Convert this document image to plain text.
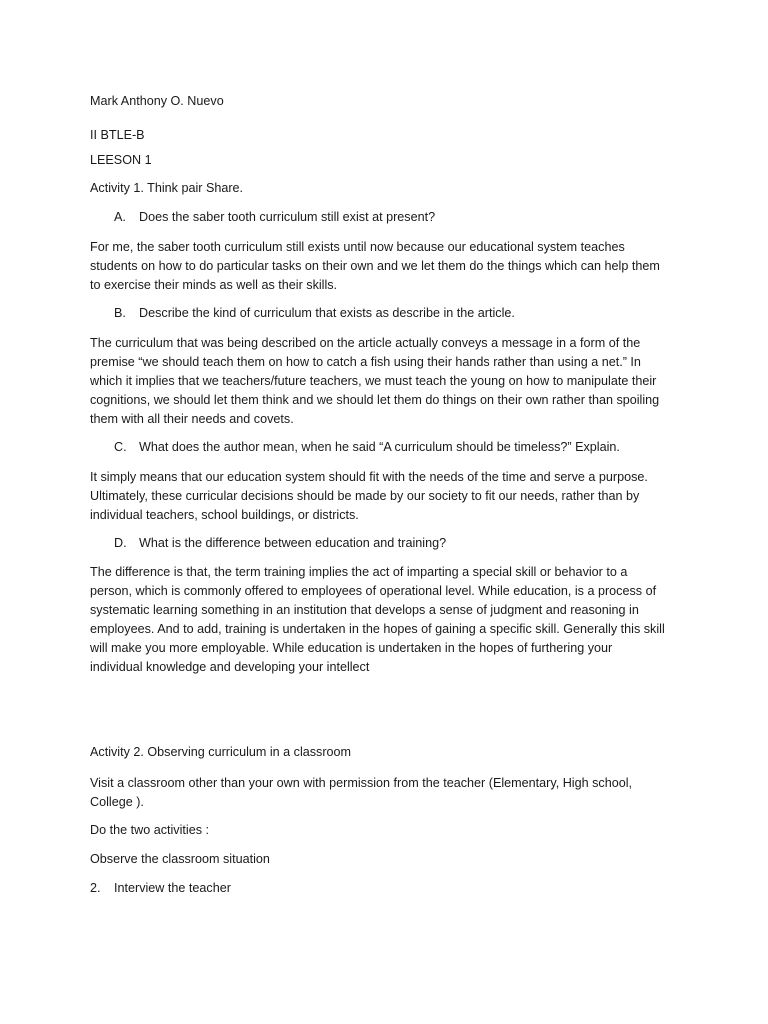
Mark Anthony O. Nuevo

II BTLE-B

LEESON 1

Activity 1. Think pair Share.

A. Does the saber tooth curriculum still exist at present?

For me, the saber tooth curriculum still exists until now because our educational system teaches
students on how to do particular tasks on their own and we let them do the things which can help them
to exercise their minds as well as their skills.

B. Describe the kind of curriculum that exists as describe in the article.

The curriculum that was being described on the article actually conveys a message in a form of the
premise “we should teach them on how to catch a fish using their hands rather than using a net.” In
which it implies that we teachers/future teachers, we must teach the young on how to manipulate their
cognitions, we should let them think and we should let them do things on their own rather than spoiling
them with all their needs and covets.

C. What does the author mean, when he said “A curriculum should be timeless?” Explain.

It simply means that our education system should fit with the needs of the time and serve a purpose.
Ultimately, these curricular decisions should be made by our society to fit our needs, rather than by
individual teachers, school buildings, or districts.

D. What is the difference between education and training?

The difference is that, the term training implies the act of imparting a special skill or behavior to a
person, which is commonly offered to employees of operational level. While education, is a process of
systematic learning something in an institution that develops a sense of judgment and reasoning in
employees. And to add, training is undertaken in the hopes of gaining a specific skill. Generally this skill
will make you more employable. While education is undertaken in the hopes of furthering your
individual knowledge and developing your intellect

Activity 2. Observing curriculum in a classroom

Visit a classroom other than your own with permission from the teacher (Elementary, High school,
College ).

Do the two activities :

Observe the classroom situation

2. Interview the teacher
